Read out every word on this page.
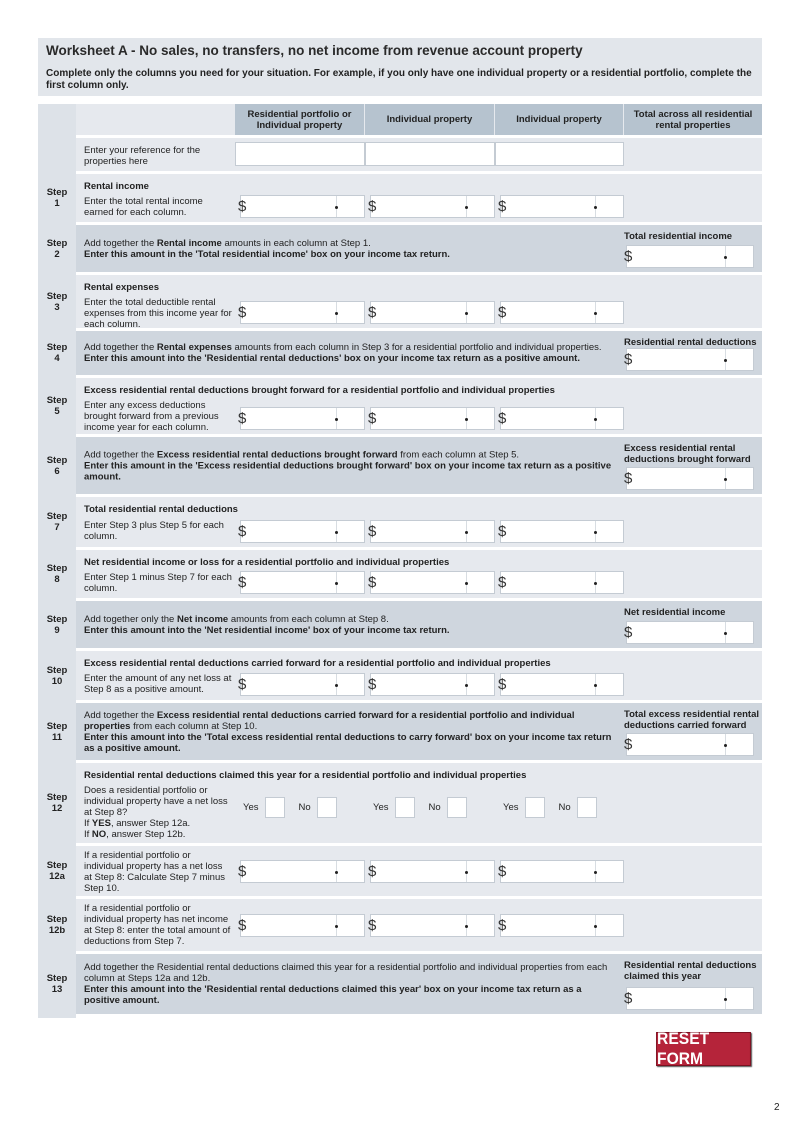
Worksheet A - No sales, no transfers, no net income from revenue account property
Complete only the columns you need for your situation. For example, if you only have one individual property or a residential portfolio, complete the first column only.
Residential portfolio or Individual property	Individual property	Individual property	Total across all residential rental properties
Enter your reference for the properties here
Step
1
Rental income
Enter the total rental income earned for each column.	$	$	$
Step
2
Add together the Rental income amounts in each column at Step 1.
Enter this amount in the 'Total residential income' box on your income tax return.
Total residential income
$
Step
3
Rental expenses
Enter the total deductible rental expenses from this income year for each column.
$	$	$
Step
4
Add together the Rental expenses amounts from each column in Step 3 for a residential portfolio and individual properties.
Enter this amount into the 'Residential rental deductions' box on your income tax return as a positive amount.
Residential rental deductions
$
Step
5
Excess residential rental deductions brought forward for a residential portfolio and individual properties
Enter any excess deductions brought forward from a previous income year for each column.
$	$	$
Step
6
Add together the Excess residential rental deductions brought forward from each column at Step 5.
Enter this amount in the 'Excess residential deductions brought forward' box on your income tax return as a positive amount.
Excess residential rental deductions brought forward
$
Step
7
Total residential rental deductions
Enter Step 3 plus Step 5 for each column.	$	$	$
Step
8
Net residential income or loss for a residential portfolio and individual properties
Enter Step 1 minus Step 7 for each column.	$	$	$
Step
9
Add together only the Net income amounts from each column at Step 8.
Enter this amount into the 'Net residential income' box of your income tax return.
Net residential income
$
Step
10
Excess residential rental deductions carried forward for a residential portfolio and individual properties
Enter the amount of any net loss at Step 8 as a positive amount.	$	$	$
Step
11
Add together the Excess residential rental deductions carried forward for a residential portfolio and individual properties from each column at Step 10.
Enter this amount into the 'Total excess residential rental deductions to carry forward' box on your income tax return as a positive amount.
Total excess residential rental deductions carried forward
$
Step
12
Residential rental deductions claimed this year for a residential portfolio and individual properties
Does a residential portfolio or individual property have a net loss at Step 8?
If YES, answer Step 12a.
If NO, answer Step 12b.
Yes	No	Yes	No	Yes	No
Step
12a
If a residential portfolio or individual property has a net loss at Step 8: Calculate Step 7 minus Step 10.
$	$	$
Step
12b
If a residential portfolio or individual property has net income at Step 8: enter the total amount of deductions from Step 7.
$	$	$
Step
13
Add together the Residential rental deductions claimed this year for a residential portfolio and individual properties from each column at Steps 12a and 12b.
Enter this amount into the 'Residential rental deductions claimed this year' box on your income tax return as a positive amount.
Residential rental deductions claimed this year
$
RESET FORM
2
